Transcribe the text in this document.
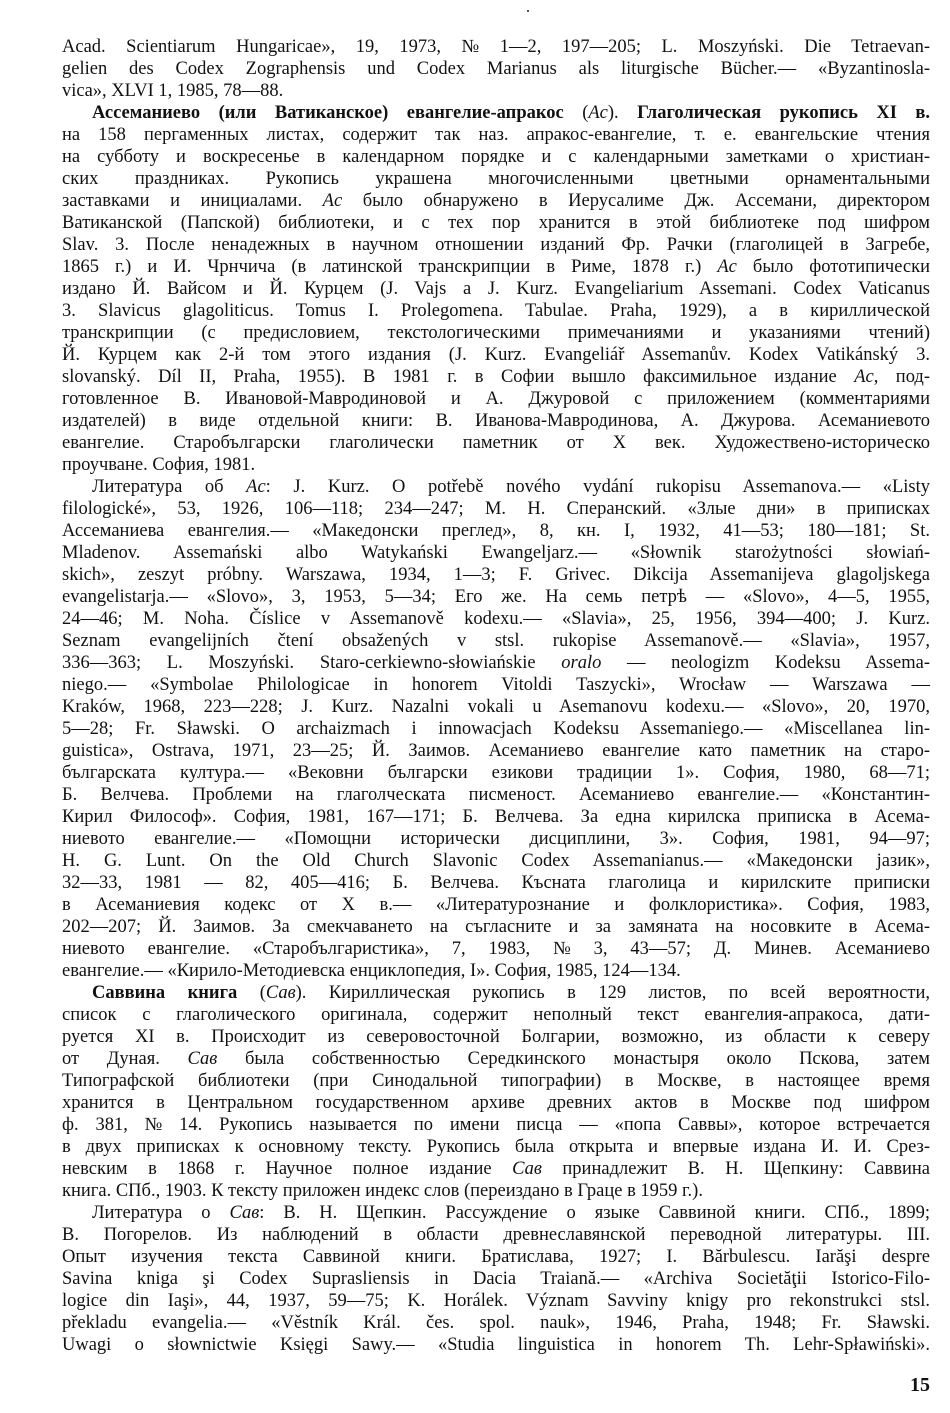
Acad. Scientiarum Hungaricae», 19, 1973, № 1—2, 197—205; L. Moszyński. Die Tetraevan-
gelien des Codex Zographensis und Codex Marianus als liturgische Bücher.— «Byzantinosla-
vica», XLVI 1, 1985, 78—88.
Ассеманиево (или Ватиканское) евангелие-апракос (Ac). Глаголическая рукопись XI в.
на 158 пергаменных листах, содержит так наз. апракос-евангелие, т. е. евангельские чтения
на субботу и воскресенье в календарном порядке и с календарными заметками о христиан-
ских праздниках. Рукопись украшена многочисленными цветными орнаментальными
заставками и инициалами. Ac было обнаружено в Иерусалиме Дж. Ассемани, директором
Ватиканской (Папской) библиотеки, и с тех пор хранится в этой библиотеке под шифром
Slav. 3. После ненадежных в научном отношении изданий Фр. Рачки (глаголицей в Загребе,
1865 г.) и И. Чрнчича (в латинской транскрипции в Риме, 1878 г.) Ac было фототипически
издано Й. Вайсом и Й. Курцем (J. Vajs a J. Kurz. Evangeliarium Assemani. Codex Vaticanus
3. Slavicus glagoliticus. Tomus I. Prolegomena. Tabulae. Praha, 1929), а в кириллической
транскрипции (с предисловием, текстологическими примечаниями и указаниями чтений)
Й. Курцем как 2-й том этого издания (J. Kurz. Evangeliář Assemanův. Kodex Vatikánský 3.
slovanský. Díl II, Praha, 1955). В 1981 г. в Софии вышло факсимильное издание Ac, под-
готовленное В. Ивановой-Мавродиновой и А. Джуровой с приложением (комментариями
издателей) в виде отдельной книги: В. Иванова-Мавродинова, А. Джурова. Асеманиевото
евангелие. Старобългарски глаголически паметник от X век. Художествено-историческо
проучване. София, 1981.
Литература об Ac: J. Kurz. O potřebě nového vydání rukopisu Assemanova.— «Listy
filologické», 53, 1926, 106—118; 234—247; М. Н. Сперанский. «Злые дни» в приписках
Ассеманиева евангелия.— «Македонски преглед», 8, кн. I, 1932, 41—53; 180—181; St.
Mladenov. Assemański albo Watykański Ewangeljarz.— «Słownik starożytności słowiań-
skich», zeszyt próbny. Warszawa, 1934, 1—3; F. Grivec. Dikcija Assemanijeva glagoljskega
evangelistarja.— «Slovo», 3, 1953, 5—34; Его же. На семь петрѣ — «Slovo», 4—5, 1955,
24—46; M. Noha. Číslice v Assemanově kodexu.— «Slavia», 25, 1956, 394—400; J. Kurz.
Seznam evangelijních čtení obsažených v stsl. rukopise Assemanově.— «Slavia», 1957,
336—363; L. Moszyński. Staro-cerkiewno-słowiańskie oralo — neologizm Kodeksu Assema-
niego.— «Symbolae Philologicae in honorem Vitoldi Taszycki», Wrocław — Warszawa —
Kraków, 1968, 223—228; J. Kurz. Nazalni vokali u Asemanovu kodexu.— «Slovo», 20, 1970,
5—28; Fr. Sławski. O archaizmach i innowacjach Kodeksu Assemaniego.— «Miscellanea lin-
guistica», Ostrava, 1971, 23—25; Й. Заимов. Асеманиево евангелие като паметник на старо-
българската култура.— «Вековни български езикови традиции 1». София, 1980, 68—71;
Б. Велчева. Проблеми на глаголческата писменост. Асеманиево евангелие.— «Константин-
Кирил Философ». София, 1981, 167—171; Б. Велчева. За една кирилска приписка в Асема-
ниевото евангелие.— «Помощни исторически дисциплини, 3». София, 1981, 94—97;
H. G. Lunt. On the Old Church Slavonic Codex Assemanianus.— «Македонски јазик»,
32—33, 1981 — 82, 405—416; Б. Велчева. Късната глаголица и кирилските приписки
в Асеманиевия кодекс от X в.— «Литературознание и фолклористика». София, 1983,
202—207; Й. Заимов. За смекчаването на съгласните и за замяната на носовките в Асема-
ниевото евангелие. «Старобългаристика», 7, 1983, № 3, 43—57; Д. Минев. Асеманиево
евангелие.— «Кирило-Методиевска енциклопедия, I». София, 1985, 124—134.
Саввина книга (Сав). Кириллическая рукопись в 129 листов, по всей вероятности,
список с глаголического оригинала, содержит неполный текст евангелия-апракоса, дати-
руется XI в. Происходит из северовосточной Болгарии, возможно, из области к северу
от Дуная. Сав была собственностью Середкинского монастыря около Пскова, затем
Типографской библиотеки (при Синодальной типографии) в Москве, в настоящее время
хранится в Центральном государственном архиве древних актов в Москве под шифром
ф. 381, № 14. Рукопись называется по имени писца — «попа Саввы», которое встречается
в двух приписках к основному тексту. Рукопись была открыта и впервые издана И. И. Срез-
невским в 1868 г. Научное полное издание Сав принадлежит В. Н. Щепкину: Саввина
книга. СПб., 1903. К тексту приложен индекс слов (переиздано в Граце в 1959 г.).
Литература о Сав: В. Н. Щепкин. Рассуждение о языке Саввиной книги. СПб., 1899;
В. Погорелов. Из наблюдений в области древнеславянской переводной литературы. III.
Опыт изучения текста Саввиной книги. Братислава, 1927; I. Bărbulescu. Iarăşi despre
Savina kniga şi Codex Suprasliensis in Dacia Traiană.— «Archiva Societăţii Istorico-Filo-
logice din Iaşi», 44, 1937, 59—75; K. Horálek. Význam Savviny knigy pro rekonstrukci stsl.
překladu evangelia.— «Věstník Král. čes. spol. nauk», 1946, Praha, 1948; Fr. Sławski.
Uwagi o słownictwie Księgi Sawy.— «Studia linguistica in honorem Th. Lehr-Spławiński».
15
